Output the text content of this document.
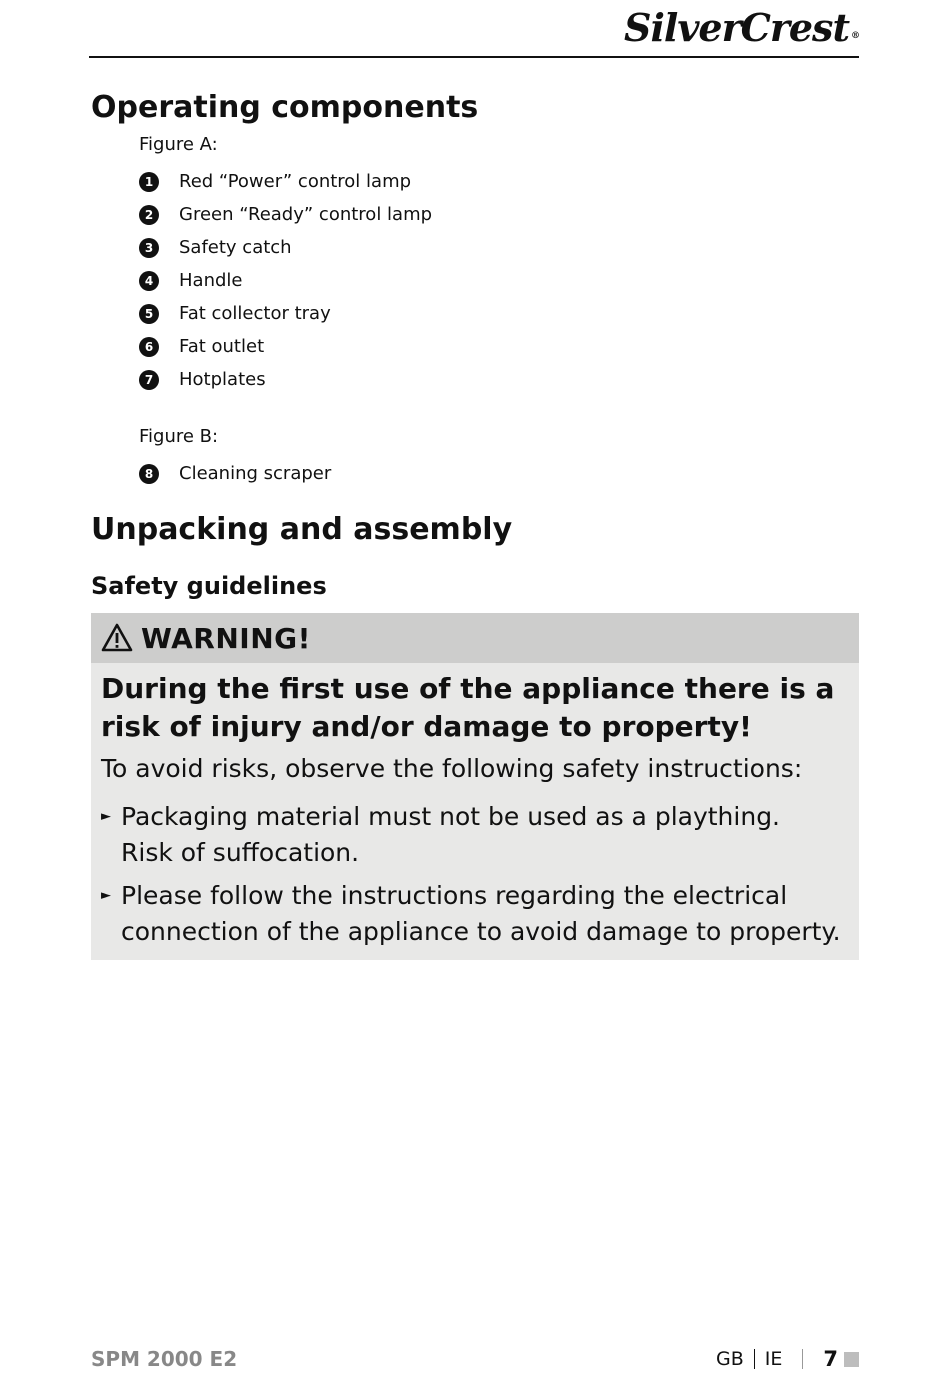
SilverCrest ®
Operating components
Figure A:
1	Red “Power” control lamp
2	Green “Ready” control lamp
3	Safety catch
4	Handle
5	Fat collector tray
6	Fat outlet
7	Hotplates
Figure B:
8	Cleaning scraper
Unpacking and assembly
Safety guidelines
WARNING!
During the first use of the appliance there is a risk of injury and/or damage to property!
To avoid risks, observe the following safety instructions:
► Packaging material must not be used as a plaything.
Risk of suffocation.
► Please follow the instructions regarding the electrical
connection of the appliance to avoid damage to property.
SPM 2000 E2	GB IE 7
